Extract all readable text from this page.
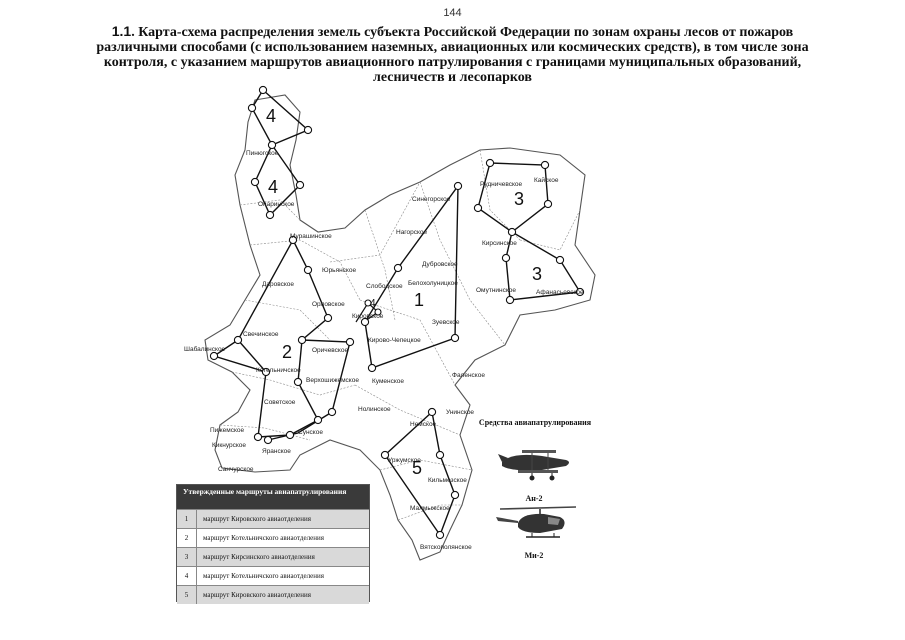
144
1.1. Карта-схема распределения земель субъекта Российской Федерации по зонам охраны лесов от пожаров различными способами (с использованием наземных, авиационных или космических средств), в том числе зона контроля, с указанием маршрутов авиационного патрулирования с границами муниципальных образований, лесничеств и лесопарков
Пинюгское
Опаринское
Мурашинское
Даровское
Юрьянское
Орловское
Свечинское
Шабалинское
Котельничское
Оричевское
Верхошижемское
Советское
Кировское
Пижемское	Сунское
Кикнурское
Яранское
Санчурское
Синегорское
Нагорское
Слободское Белохолуницкое
Дубровское
Зуевское
Кирово-Чепецкое
Куменское
Фаленское
Нолинское
Немское
Унинское
Уржумское
Кильмезское
Малмыжское
Вятскополянское
Рудничевское
Кайское
Кирсинское
Омутнинское	Афанасьевское
1
2
3
3
4
4
4
5
Средства авиапатрулирования
Ан-2
Ми-2
Утвержденные маршруты авиапатрулирования
1	маршрут Кировского авиаотделения
2	маршрут Котельничского авиаотделения
3	маршрут Кирсинского авиаотделения
4	маршрут Котельничского авиаотделения
5	маршрут Кировского авиаотделения
